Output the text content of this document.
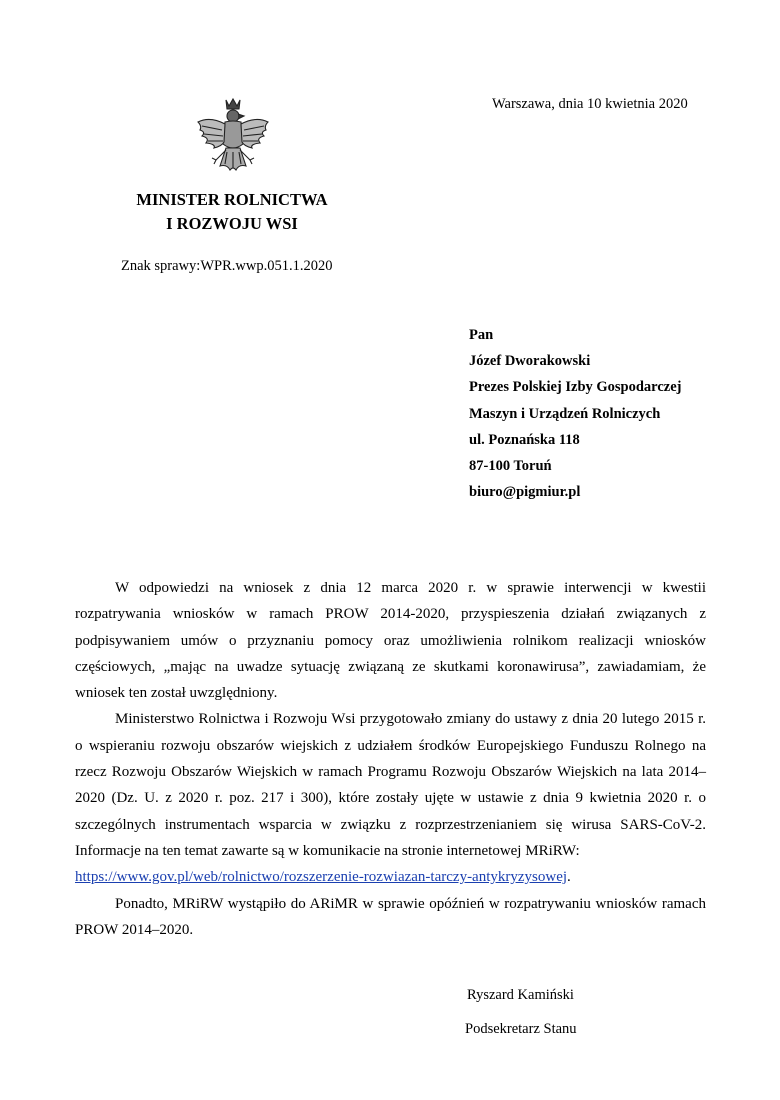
Warszawa, dnia 10 kwietnia 2020
MINISTER ROLNICTWA
I ROZWOJU WSI
Znak sprawy:WPR.wwp.051.1.2020
Pan
Józef Dworakowski
Prezes Polskiej Izby Gospodarczej
Maszyn i Urządzeń Rolniczych
ul. Poznańska 118
87-100 Toruń
biuro@pigmiur.pl

W odpowiedzi na wniosek z dnia 12 marca 2020 r. w sprawie interwencji w kwestii rozpatrywania wniosków w ramach PROW 2014-2020, przyspieszenia działań związanych z podpisywaniem umów o przyznaniu pomocy oraz umożliwienia rolnikom realizacji wniosków częściowych, „mając na uwadze sytuację związaną ze skutkami koronawirusa”, zawiadamiam, że wniosek ten został uwzględniony.

Ministerstwo Rolnictwa i Rozwoju Wsi przygotowało zmiany do ustawy z dnia 20 lutego 2015 r. o wspieraniu rozwoju obszarów wiejskich z udziałem środków Europejskiego Funduszu Rolnego na rzecz Rozwoju Obszarów Wiejskich w ramach Programu Rozwoju Obszarów Wiejskich na lata 2014–2020 (Dz. U. z 2020 r. poz. 217 i 300), które zostały ujęte w ustawie z dnia 9 kwietnia 2020 r. o szczególnych instrumentach wsparcia w związku z rozprzestrzenianiem się wirusa SARS-CoV-2. Informacje na ten temat zawarte są w komunikacie na stronie internetowej MRiRW:
https://www.gov.pl/web/rolnictwo/rozszerzenie-rozwiazan-tarczy-antykryzysowej.

Ponadto, MRiRW wystąpiło do ARiMR w sprawie opóźnień w rozpatrywaniu wniosków ramach PROW 2014–2020.

Ryszard Kamiński
Podsekretarz Stanu
